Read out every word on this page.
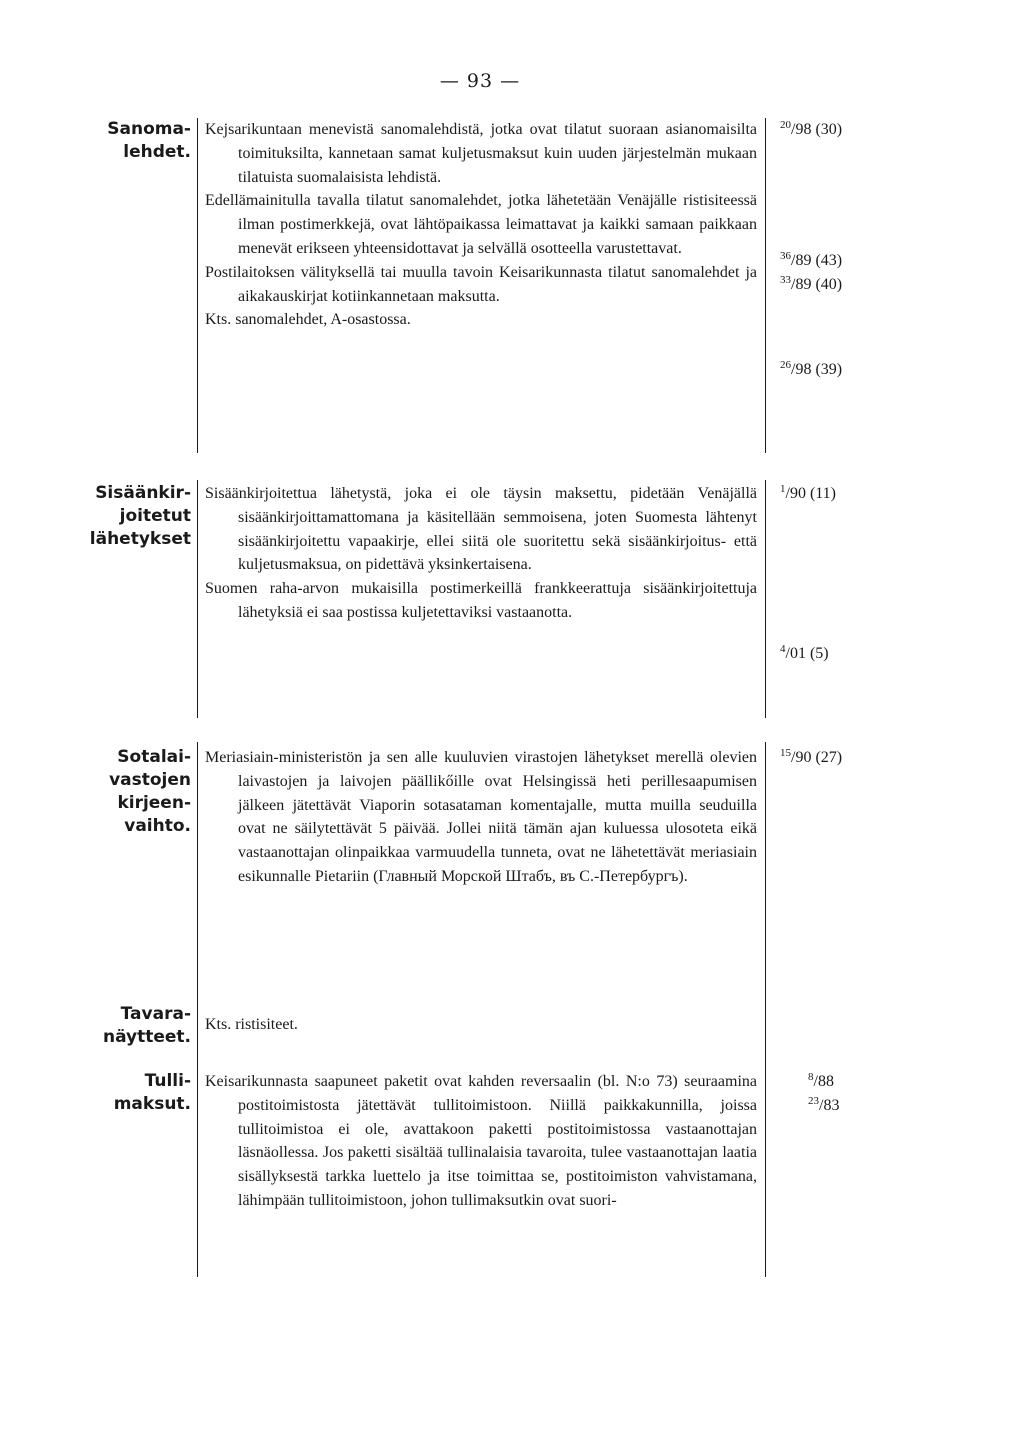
— 93 —
Sanoma-
lehdet.

Kejsarikuntaan menevistä sanomalehdistä, jotka ovat tilatut suoraan asianomaisilta toimituksilta, kannetaan samat kuljetusmaksut kuin uuden järjestelmän mukaan tilatuista suomalaisista lehdistä.

Edellämainitulla tavalla tilatut sanomalehdet, jotka lähetetään Venäjälle ristisiteessä ilman postimerkkejä, ovat lähtöpaikassa leimattavat ja kaikki samaan paikkaan menevät erikseen yhteensidottavat ja selvällä osotteella varustettavat.

Postilaitoksen välityksellä tai muulla tavoin Keisarikunnasta tilatut sanomalehdet ja aikakauskirjat kotiinkannetaan maksutta.

Kts. sanomalehdet, A-osastossa.

$^{20}$/98 (30)
$^{36}$/89 (43)
$^{33}$/89 (40)
$^{26}$/98 (39)
Sisäänkir-
joitetut
lähetykset

Sisäänkirjoitettua lähetystä, joka ei ole täysin maksettu, pidetään Venäjällä sisäänkirjoittamattomana ja käsitellään semmoisena, joten Suomesta lähtenyt sisäänkirjoitettu vapaakirje, ellei siitä ole suoritettu sekä sisäänkirjoitus- että kuljetusmaksua, on pidettävä yksinkertaisena.

Suomen raha-arvon mukaisilla postimerkeillä frankkeerattuja sisäänkirjoitettuja lähetyksiä ei saa postissa kuljetettaviksi vastaanotta.

$^1$/90 (11)
$^4$/01 (5)
Sotalai-
vastojen
kirjeen-
vaihto.

Meriasiain-ministeristön ja sen alle kuuluvien virastojen lähetykset merellä olevien laivastojen ja laivojen päällikőille ovat Helsingissä heti perillesaapumisen jälkeen jätettävät Viaporin sotasataman komentajalle, mutta muilla seuduilla ovat ne säilytettävät 5 päivää. Jollei niitä tämän ajan kuluessa ulosoteta eikä vastaanottajan olinpaikkaa varmuudella tunneta, ovat ne lähetettävät meriasiain esikunnalle Pietariin (Главный Морской Штабъ, въ С.-Петербургъ).

$^{15}$/90 (27)
Tavara-
näytteet.

Kts. ristisiteet.

Tulli-
maksut.

Keisarikunnasta saapuneet paketit ovat kahden reversaalin (bl. N:o 73) seuraamina postitoimistosta jätettävät tullitoimistoon. Niillä paikkakunnilla, joissa tullitoimistoa ei ole, avattakoon paketti postitoimistossa vastaanottajan läsnäollessa. Jos paketti sisältää tullinalaisia tavaroita, tulee vastaanottajan laatia sisällyksestä tarkka luettelo ja itse toimittaa se, postitoimiston vahvistamana, lähimpään tullitoimistoon, johon tullimaksutkin ovat suori-

$^8$/88
$^{23}$/83
